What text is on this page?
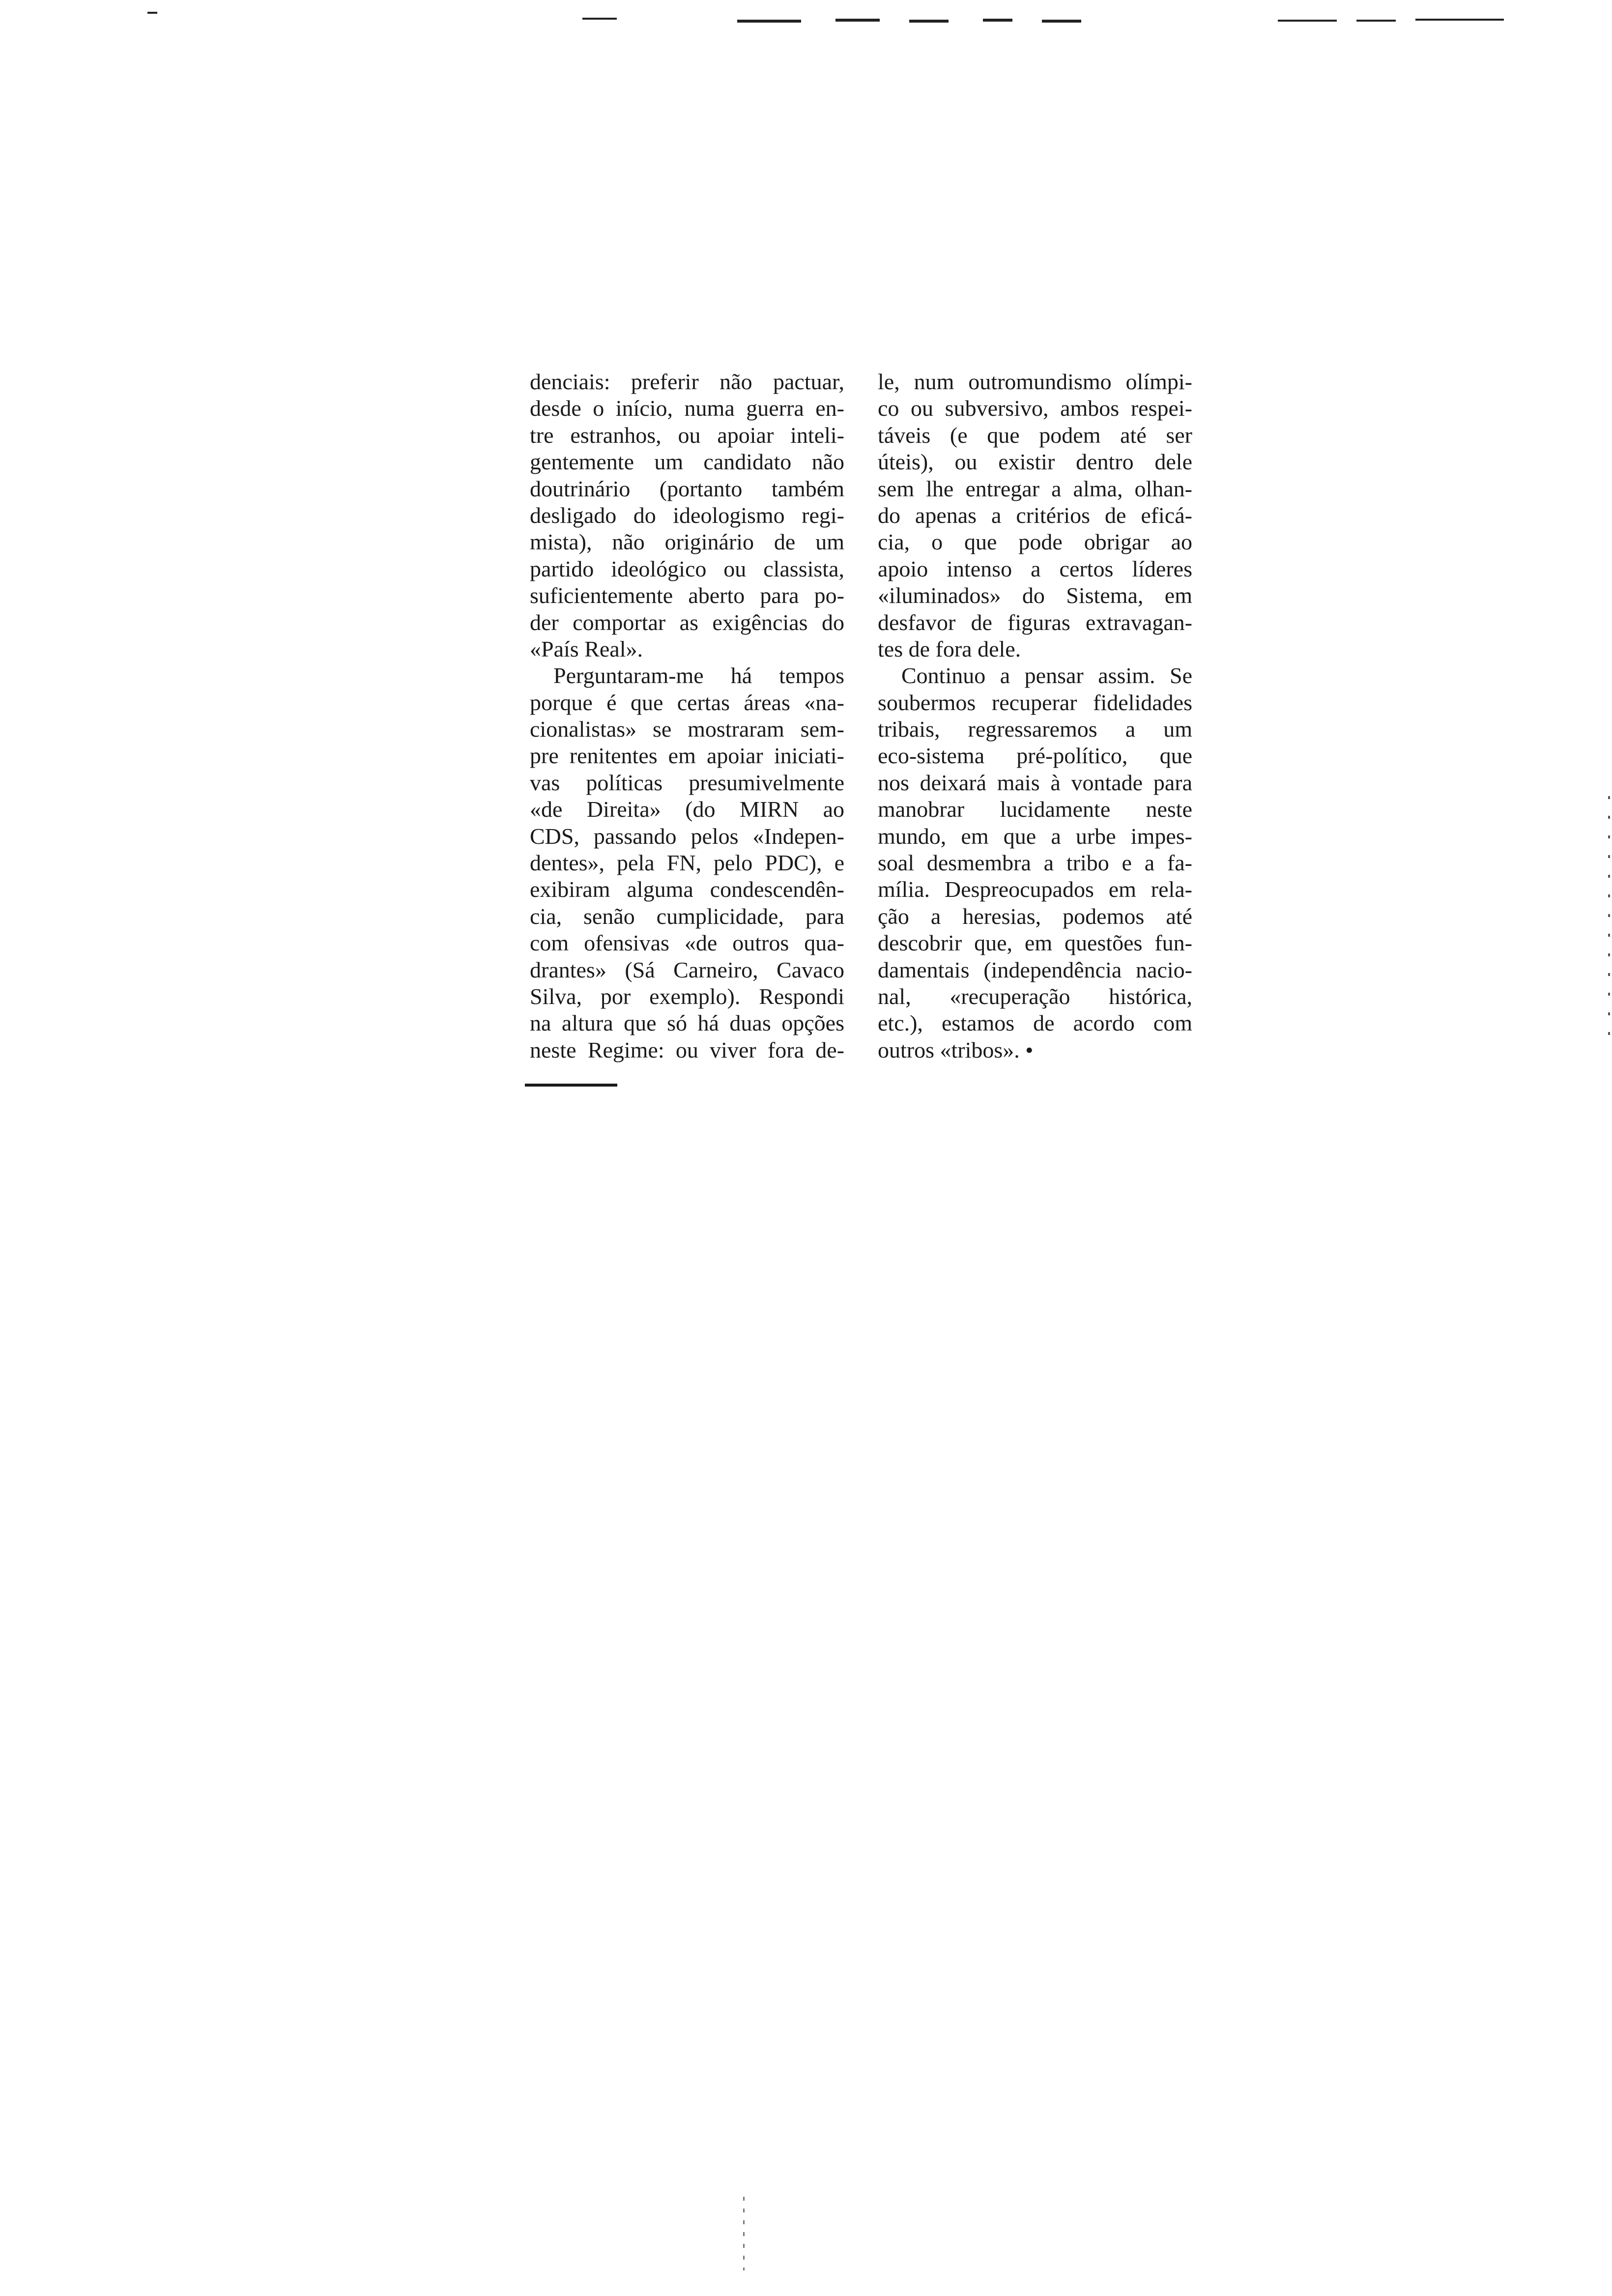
denciais: preferir não pactuar,
desde o início, numa guerra en-
tre estranhos, ou apoiar inteli-
gentemente um candidato não
doutrinário (portanto também
desligado do ideologismo regi-
mista), não originário de um
partido ideológico ou classista,
suficientemente aberto para po-
der comportar as exigências do
«País Real».
Perguntaram-me há tempos
porque é que certas áreas «na-
cionalistas» se mostraram sem-
pre renitentes em apoiar iniciati-
vas políticas presumivelmente
«de Direita» (do MIRN ao
CDS, passando pelos «Indepen-
dentes», pela FN, pelo PDC), e
exibiram alguma condescendên-
cia, senão cumplicidade, para
com ofensivas «de outros qua-
drantes» (Sá Carneiro, Cavaco
Silva, por exemplo). Respondi
na altura que só há duas opções
neste Regime: ou viver fora de-
le, num outromundismo olímpi-
co ou subversivo, ambos respei-
táveis (e que podem até ser
úteis), ou existir dentro dele
sem lhe entregar a alma, olhan-
do apenas a critérios de eficá-
cia, o que pode obrigar ao
apoio intenso a certos líderes
«iluminados» do Sistema, em
desfavor de figuras extravagan-
tes de fora dele.
Continuo a pensar assim. Se
soubermos recuperar fidelidades
tribais, regressaremos a um
eco-sistema pré-político, que
nos deixará mais à vontade para
manobrar lucidamente neste
mundo, em que a urbe impes-
soal desmembra a tribo e a fa-
mília. Despreocupados em rela-
ção a heresias, podemos até
descobrir que, em questões fun-
damentais (independência nacio-
nal, «recuperação histórica,
etc.), estamos de acordo com
outros «tribos». •
